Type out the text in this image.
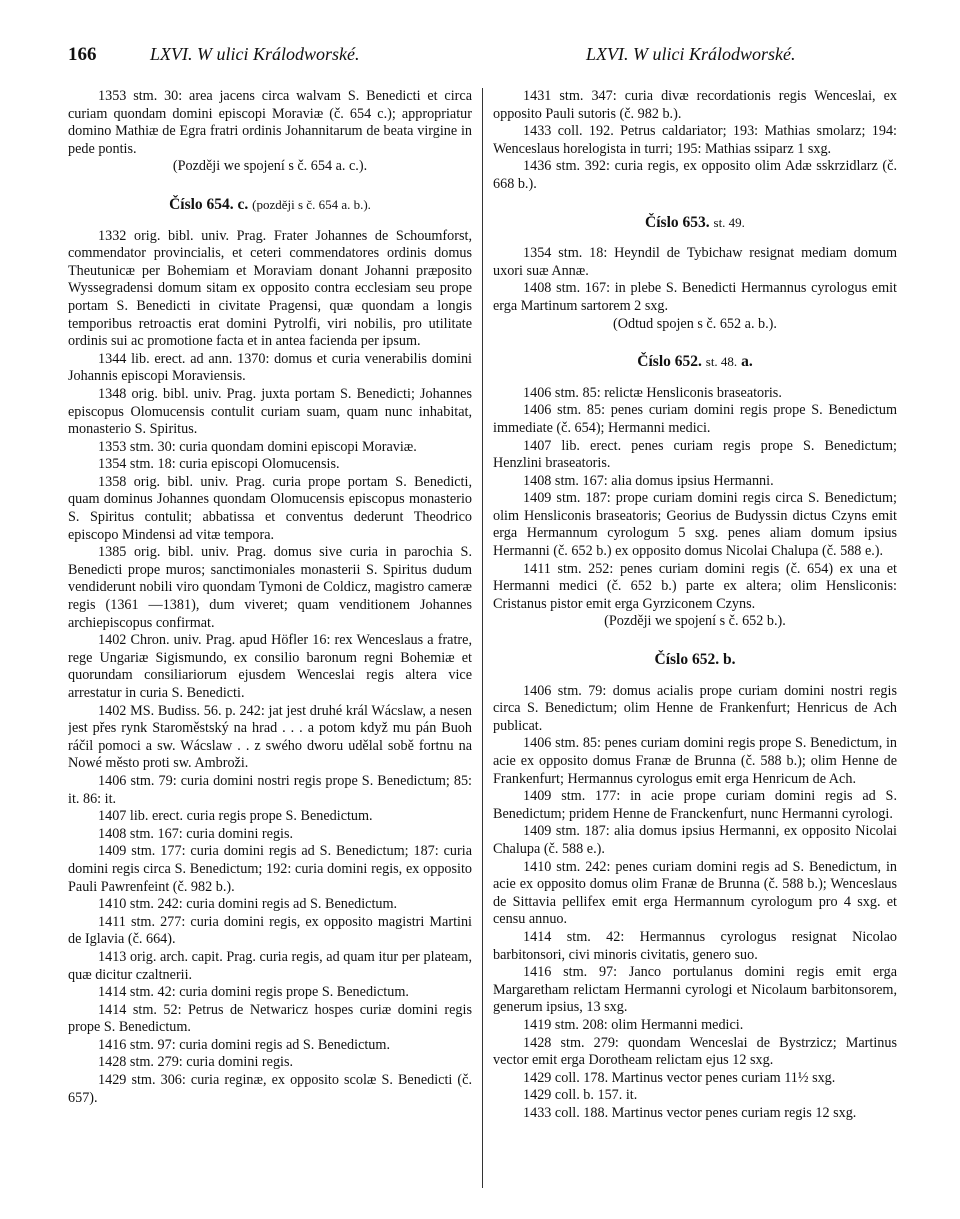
166	LXVI. W ulici Králodworské.	LXVI. W ulici Králodworské.

1353 stm. 30: area jacens circa walvam S. Benedicti et circa curiam quondam domini episcopi Moraviæ (č. 654 c.); appropriatur domino Mathiæ de Egra fratri ordinis Johannitarum de beata virgine in pede pontis.

(Později we spojení s č. 654 a. c.).

Číslo 654. c. (později s č. 654 a. b.).

1332 orig. bibl. univ. Prag. Frater Johannes de Schoumforst, commendator provincialis, et ceteri commendatores ordinis domus Theutunicæ per Bohemiam et Moraviam donant Johanni præposito Wyssegradensi domum sitam ex opposito contra ecclesiam seu prope portam S. Benedicti in civitate Pragensi, quæ quondam a longis temporibus retroactis erat domini Pytrolfi, viri nobilis, pro utilitate ordinis sui ac promotione facta et in antea facienda per ipsum.

1344 lib. erect. ad ann. 1370: domus et curia venerabilis domini Johannis episcopi Moraviensis.

1348 orig. bibl. univ. Prag. juxta portam S. Benedicti; Johannes episcopus Olomucensis contulit curiam suam, quam nunc inhabitat, monasterio S. Spiritus.

1353 stm. 30: curia quondam domini episcopi Moraviæ.

1354 stm. 18: curia episcopi Olomucensis.

1358 orig. bibl. univ. Prag. curia prope portam S. Benedicti, quam dominus Johannes quondam Olomucensis episcopus monasterio S. Spiritus contulit; abbatissa et conventus dederunt Theodrico episcopo Mindensi ad vitæ tempora.

1385 orig. bibl. univ. Prag. domus sive curia in parochia S. Benedicti prope muros; sanctimoniales monasterii S. Spiritus dudum vendiderunt nobili viro quondam Tymoni de Coldicz, magistro cameræ regis (1361 —1381), dum viveret; quam venditionem Johannes archiepiscopus confirmat.

1402 Chron. univ. Prag. apud Höfler 16: rex Wenceslaus a fratre, rege Ungariæ Sigismundo, ex consilio baronum regni Bohemiæ et quorundam consiliariorum ejusdem Wenceslai regis altera vice arrestatur in curia S. Benedicti.

1402 MS. Budiss. 56. p. 242: jat jest druhé král Wácslaw, a nesen jest přes rynk Staroměstský na hrad . . . a potom když mu pán Buoh ráčil pomoci a sw. Wácslaw . . z swého dworu udělal sobě fortnu na Nowé město proti sw. Ambroži.

1406 stm. 79: curia domini nostri regis prope S. Benedictum; 85: it. 86: it.

1407 lib. erect. curia regis prope S. Benedictum.

1408 stm. 167: curia domini regis.

1409 stm. 177: curia domini regis ad S. Benedictum; 187: curia domini regis circa S. Benedictum; 192: curia domini regis, ex opposito Pauli Pawrenfeint (č. 982 b.).

1410 stm. 242: curia domini regis ad S. Benedictum.

1411 stm. 277: curia domini regis, ex opposito magistri Martini de Iglavia (č. 664).

1413 orig. arch. capit. Prag. curia regis, ad quam itur per plateam, quæ dicitur czaltnerii.

1414 stm. 42: curia domini regis prope S. Benedictum.

1414 stm. 52: Petrus de Netwaricz hospes curiæ domini regis prope S. Benedictum.

1416 stm. 97: curia domini regis ad S. Benedictum.

1428 stm. 279: curia domini regis.

1429 stm. 306: curia reginæ, ex opposito scolæ S. Benedicti (č. 657).

1431 stm. 347: curia divæ recordationis regis Wenceslai, ex opposito Pauli sutoris (č. 982 b.).

1433 coll. 192. Petrus caldariator; 193: Mathias smolarz; 194: Wenceslaus horelogista in turri; 195: Mathias ssiparz 1 sxg.

1436 stm. 392: curia regis, ex opposito olim Adæ sskrzidlarz (č. 668 b.).

Číslo 653. st. 49.

1354 stm. 18: Heyndil de Tybichaw resignat mediam domum uxori suæ Annæ.

1408 stm. 167: in plebe S. Benedicti Hermannus cyrologus emit erga Martinum sartorem 2 sxg.

(Odtud spojen s č. 652 a. b.).

Číslo 652. st. 48. a.

1406 stm. 85: relictæ Hensliconis braseatoris.

1406 stm. 85: penes curiam domini regis prope S. Benedictum immediate (č. 654); Hermanni medici.

1407 lib. erect. penes curiam regis prope S. Benedictum; Henzlini braseatoris.

1408 stm. 167: alia domus ipsius Hermanni.

1409 stm. 187: prope curiam domini regis circa S. Benedictum; olim Hensliconis braseatoris; Georius de Budyssin dictus Czyns emit erga Hermannum cyrologum 5 sxg. penes aliam domum ipsius Hermanni (č. 652 b.) ex opposito domus Nicolai Chalupa (č. 588 e.).

1411 stm. 252: penes curiam domini regis (č. 654) ex una et Hermanni medici (č. 652 b.) parte ex altera; olim Hensliconis: Cristanus pistor emit erga Gyrziconem Czyns.

(Později we spojení s č. 652 b.).

Číslo 652. b.

1406 stm. 79: domus acialis prope curiam domini nostri regis circa S. Benedictum; olim Henne de Frankenfurt; Henricus de Ach publicat.

1406 stm. 85: penes curiam domini regis prope S. Benedictum, in acie ex opposito domus Franæ de Brunna (č. 588 b.); olim Henne de Frankenfurt; Hermannus cyrologus emit erga Henricum de Ach.

1409 stm. 177: in acie prope curiam domini regis ad S. Benedictum; pridem Henne de Franckenfurt, nunc Hermanni cyrologi.

1409 stm. 187: alia domus ipsius Hermanni, ex opposito Nicolai Chalupa (č. 588 e.).

1410 stm. 242: penes curiam domini regis ad S. Benedictum, in acie ex opposito domus olim Franæ de Brunna (č. 588 b.); Wenceslaus de Sittavia pellifex emit erga Hermannum cyrologum pro 4 sxg. et censu annuo.

1414 stm. 42: Hermannus cyrologus resignat Nicolao barbitonsori, civi minoris civitatis, genero suo.

1416 stm. 97: Janco portulanus domini regis emit erga Margaretham relictam Hermanni cyrologi et Nicolaum barbitonsorem, generum ipsius, 13 sxg.

1419 stm. 208: olim Hermanni medici.

1428 stm. 279: quondam Wenceslai de Bystrzicz; Martinus vector emit erga Dorotheam relictam ejus 12 sxg.

1429 coll. 178. Martinus vector penes curiam 11½ sxg.

1429 coll. b. 157. it.

1433 coll. 188. Martinus vector penes curiam regis 12 sxg.
